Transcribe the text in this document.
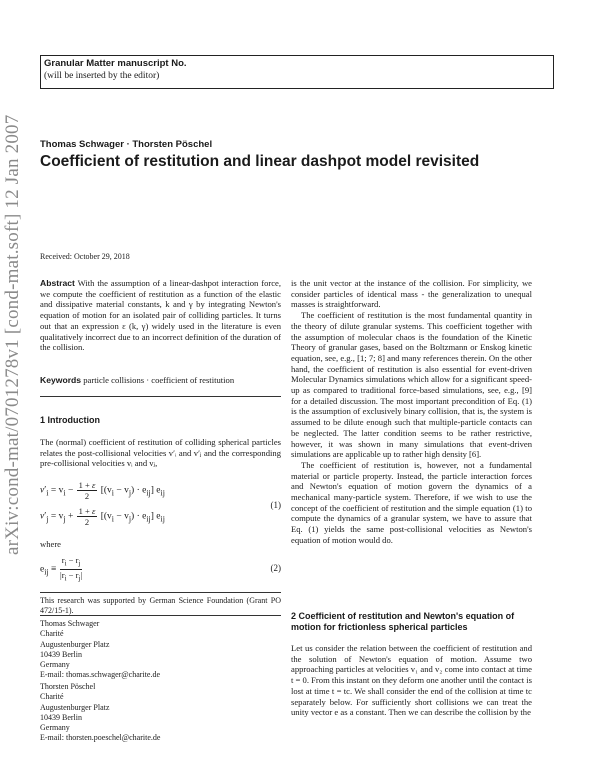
Granular Matter manuscript No.
(will be inserted by the editor)
arXiv:cond-mat/0701278v1 [cond-mat.soft] 12 Jan 2007	Thomas Schwager · Thorsten Pöschel
Coefficient of restitution and linear dashpot model revisited
Received: October 29, 2018
Abstract With the assumption of a linear-dashpot interaction force, we compute the coefficient of restitution as a function of the elastic and dissipative material constants, k and γ by integrating Newton's equation of motion for an isolated pair of colliding particles. It turns out that an expression ε (k, γ) widely used in the literature is even qualitatively incorrect due to an incorrect definition of the duration of the collision.
Keywords particle collisions · coefficient of restitution
1 Introduction
The (normal) coefficient of restitution of colliding spherical particles relates the post-collisional velocities v′ᵢ and v′ⱼ and the corresponding pre-collisional velocities vᵢ and vⱼ,
$v'_i = v_i - \frac{1 + \varepsilon}{2} [(v_i - v_j) \cdot e_{ij}]$ $e_{ij}$
$v'_j = v_j + \frac{1 + \varepsilon}{2} [(v_i - v_j) \cdot e_{ij}]$ $e_{ij}$
(1)
where
$e_{ij} \equiv \frac{r_i - r_j}{|r_i - r_j|}$	(2)
This research was supported by German Science Foundation (Grant PO 472/15-1).
Thomas Schwager
Charité
Augustenburger Platz
10439 Berlin
Germany
E-mail: thomas.schwager@charite.de
Thorsten Pöschel
Charité
Augustenburger Platz
10439 Berlin
Germany
E-mail: thorsten.poeschel@charite.de

is the unit vector at the instance of the collision. For simplicity, we consider particles of identical mass - the generalization to unequal masses is straightforward.

The coefficient of restitution is the most fundamental quantity in the theory of dilute granular systems. This coefficient together with the assumption of molecular chaos is the foundation of the Kinetic Theory of granular gases, based on the Boltzmann or Enskog kinetic equation, see, e.g., [1; 7; 8] and many references therein. On the other hand, the coefficient of restitution is also essential for event-driven Molecular Dynamics simulations which allow for a significant speed-up as compared to traditional force-based simulations, see, e.g., [9] for a detailed discussion. The most important precondition of Eq. (1) is the assumption of exclusively binary collision, that is, the system is assumed to be dilute enough such that multiple-particle contacts can be neglected. The latter condition seems to be rather restrictive, however, it was shown in many simulations that event-driven simulations are applicable up to rather high density [6].

The coefficient of restitution is, however, not a fundamental material or particle property. Instead, the particle interaction forces and Newton's equation of motion govern the dynamics of a mechanical many-particle system. Therefore, if we wish to use the concept of the coefficient of restitution and the simple equation (1) to compute the dynamics of a granular system, we have to assure that Eq. (1) yields the same post-collisional velocities as Newton's equation of motion would do.

2 Coefficient of restitution and Newton's equation of motion for frictionless spherical particles
Let us consider the relation between the coefficient of restitution and the solution of Newton's equation of motion. Assume two approaching particles at velocities v₁ and v₂ come into contact at time t = 0. From this instant on they deform one another until the contact is lost at time t = tc. We shall consider the end of the collision at time tc separately below. For sufficiently short collisions we can treat the unity vector e as a constant. Then we can describe the collision by the
